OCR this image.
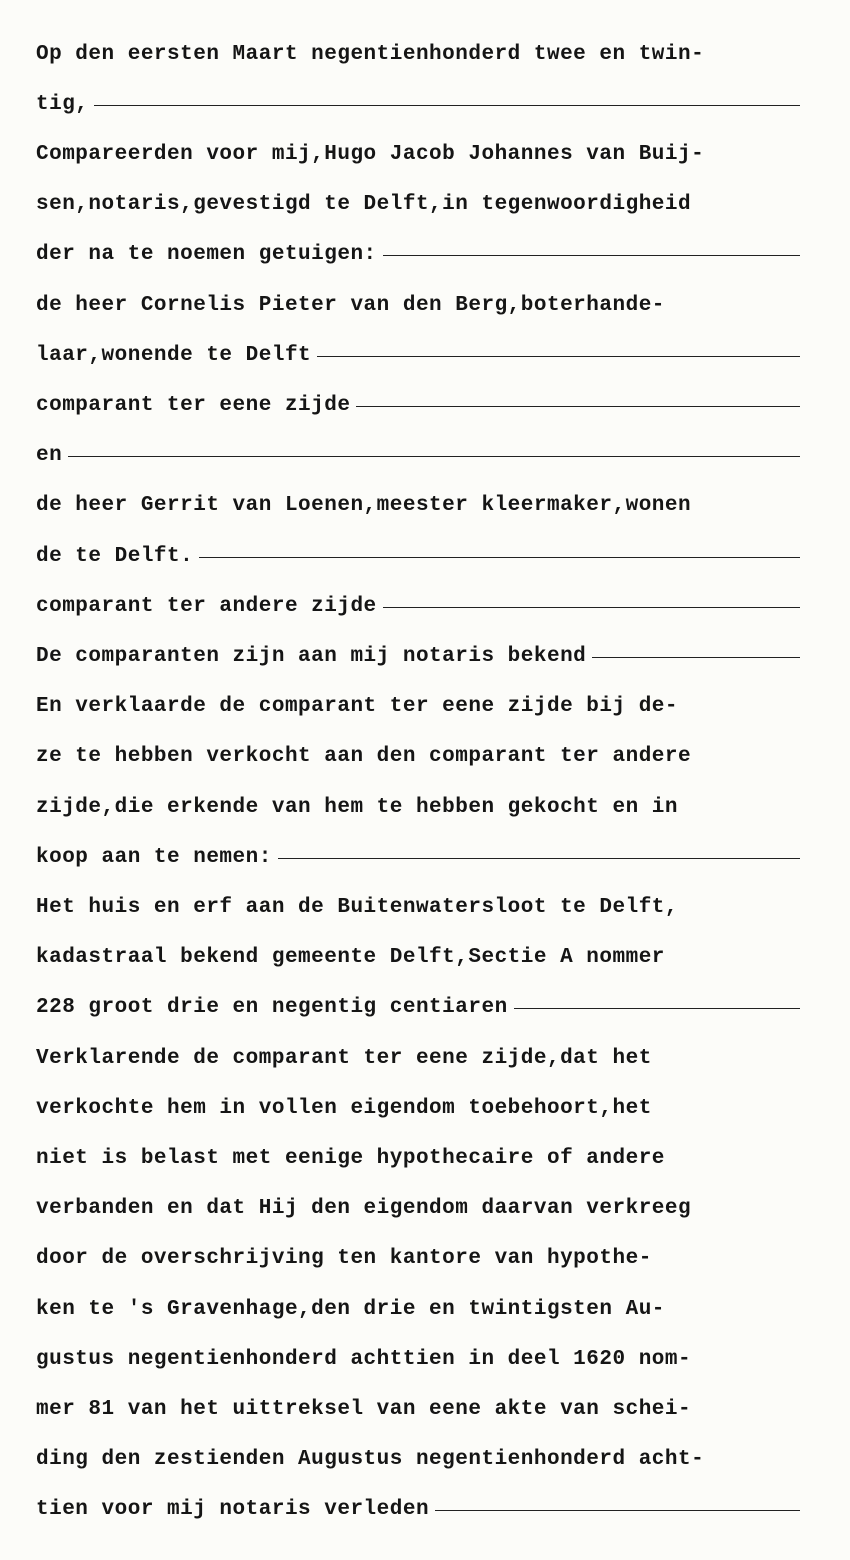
Op den eersten Maart negentienhonderd twee en twin-
tig,
Compareerden voor mij,Hugo Jacob Johannes van Buij-
sen,notaris,gevestigd te Delft,in tegenwoordigheid
der na te noemen getuigen:
de heer Cornelis Pieter van den Berg,boterhande-
laar,wonende te Delft
comparant ter eene zijde
en
de heer Gerrit van Loenen,meester kleermaker,wonen
de te Delft.
comparant ter andere zijde
De comparanten zijn aan mij notaris bekend
En verklaarde de comparant ter eene zijde bij de-
ze te hebben verkocht aan den comparant ter andere
zijde,die erkende van hem te hebben gekocht en in
koop aan te nemen:
Het huis en erf aan de Buitenwatersloot te Delft,
kadastraal bekend gemeente Delft,Sectie A nommer
228 groot drie en negentig centiaren
Verklarende de comparant ter eene zijde,dat het
verkochte hem in vollen eigendom toebehoort,het
niet is belast met eenige hypothecaire of andere
verbanden en dat Hij den eigendom daarvan verkreeg
door de overschrijving ten kantore van hypothe-
ken te 's Gravenhage,den drie en twintigsten Au-
gustus negentienhonderd achttien in deel 1620 nom-
mer 81 van het uittreksel van eene akte van schei-
ding den zestienden Augustus negentienhonderd acht-
tien voor mij notaris verleden
